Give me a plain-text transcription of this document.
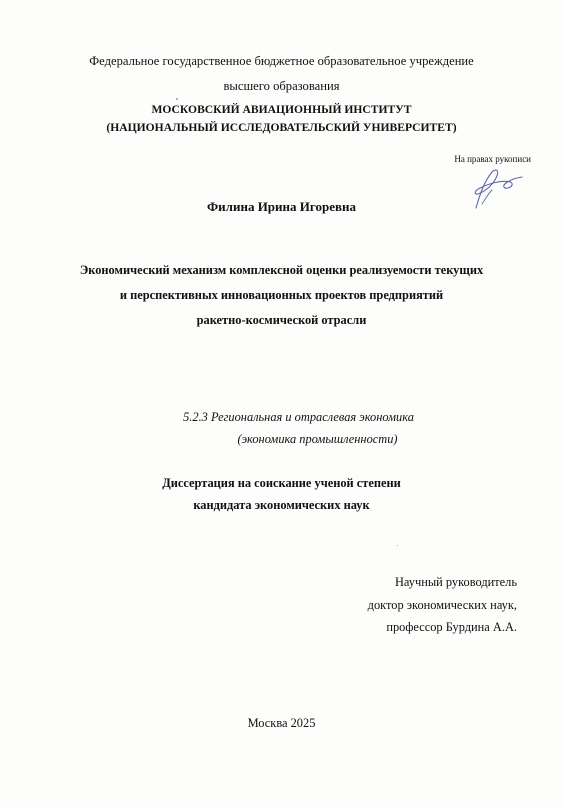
Федеральное государственное бюджетное образовательное учреждение
высшего образования
МОСКОВСКИЙ АВИАЦИОННЫЙ ИНСТИТУТ
(НАЦИОНАЛЬНЫЙ ИССЛЕДОВАТЕЛЬСКИЙ УНИВЕРСИТЕТ)
На правах рукописи
Филина Ирина Игоревна
Экономический механизм комплексной оценки реализуемости текущих
и перспективных инновационных проектов предприятий
ракетно-космической отрасли
5.2.3 Региональная и отраслевая экономика
(экономика промышленности)
Диссертация на соискание ученой степени
кандидата экономических наук
Научный руководитель
доктор экономических наук,
профессор Бурдина А.А.
Москва 2025
